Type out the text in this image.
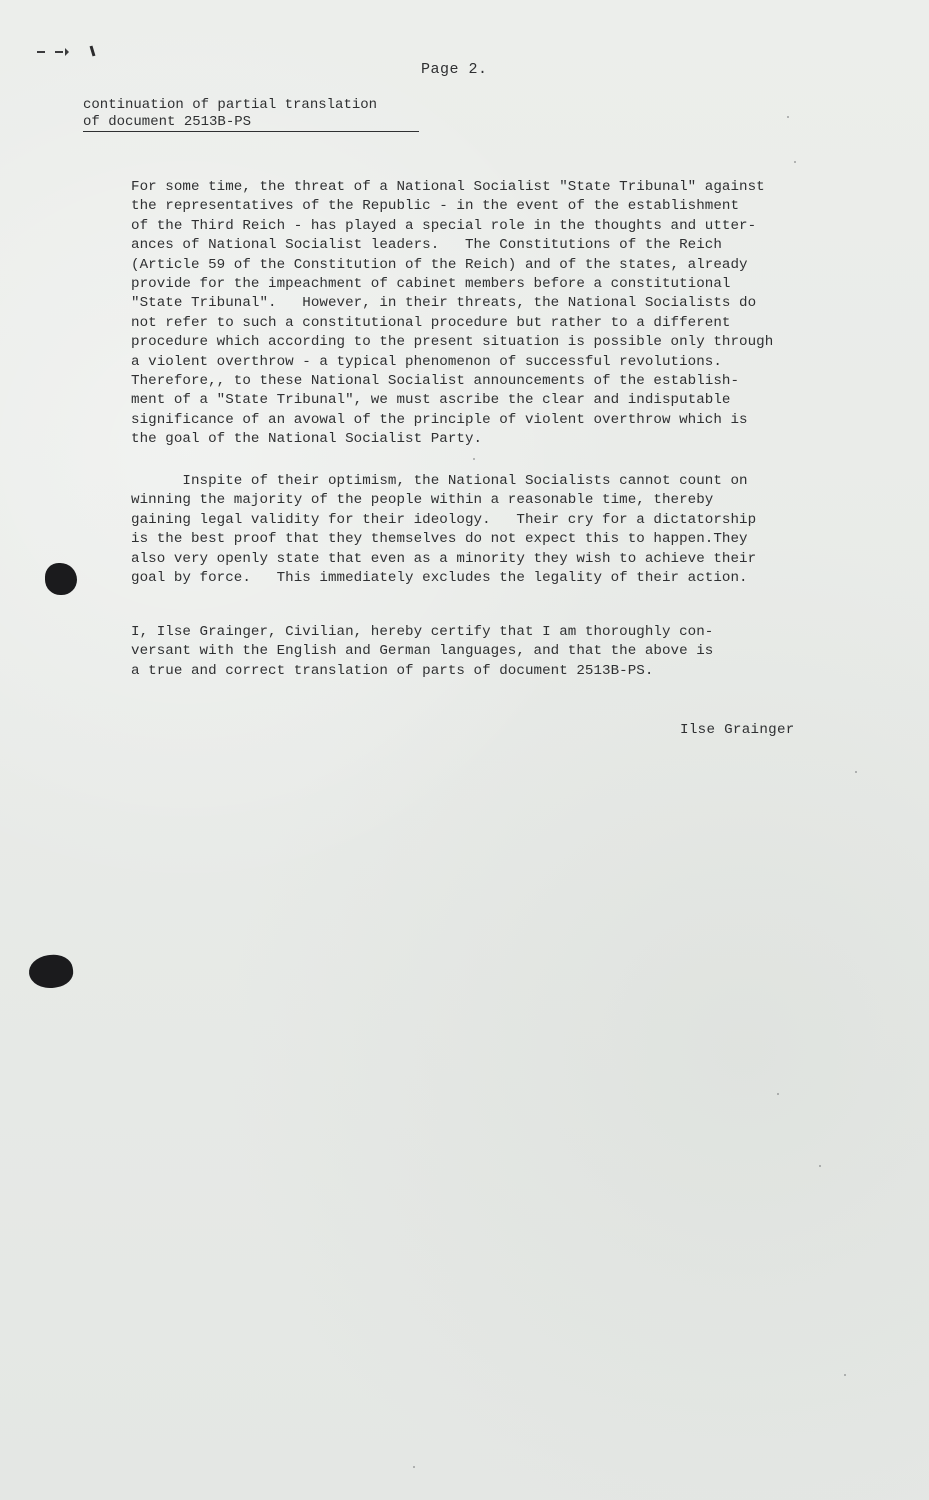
Page 2.
continuation of partial translation
of document 2513B-PS
For some time, the threat of a National Socialist "State Tribunal" against
the representatives of the Republic - in the event of the establishment
of the Third Reich - has played a special role in the thoughts and utter-
ances of National Socialist leaders.   The Constitutions of the Reich
(Article 59 of the Constitution of the Reich) and of the states, already
provide for the impeachment of cabinet members before a constitutional
"State Tribunal".   However, in their threats, the National Socialists do
not refer to such a constitutional procedure but rather to a different
procedure which according to the present situation is possible only through
a violent overthrow - a typical phenomenon of successful revolutions.
Therefore,, to these National Socialist announcements of the establish-
ment of a "State Tribunal", we must ascribe the clear and indisputable
significance of an avowal of the principle of violent overthrow which is
the goal of the National Socialist Party.
Inspite of their optimism, the National Socialists cannot count on
winning the majority of the people within a reasonable time, thereby
gaining legal validity for their ideology.   Their cry for a dictatorship
is the best proof that they themselves do not expect this to happen.They
also very openly state that even as a minority they wish to achieve their
goal by force.   This immediately excludes the legality of their action.
I, Ilse Grainger, Civilian, hereby certify that I am thoroughly con-
versant with the English and German languages, and that the above is
a true and correct translation of parts of document 2513B-PS.
Ilse Grainger
